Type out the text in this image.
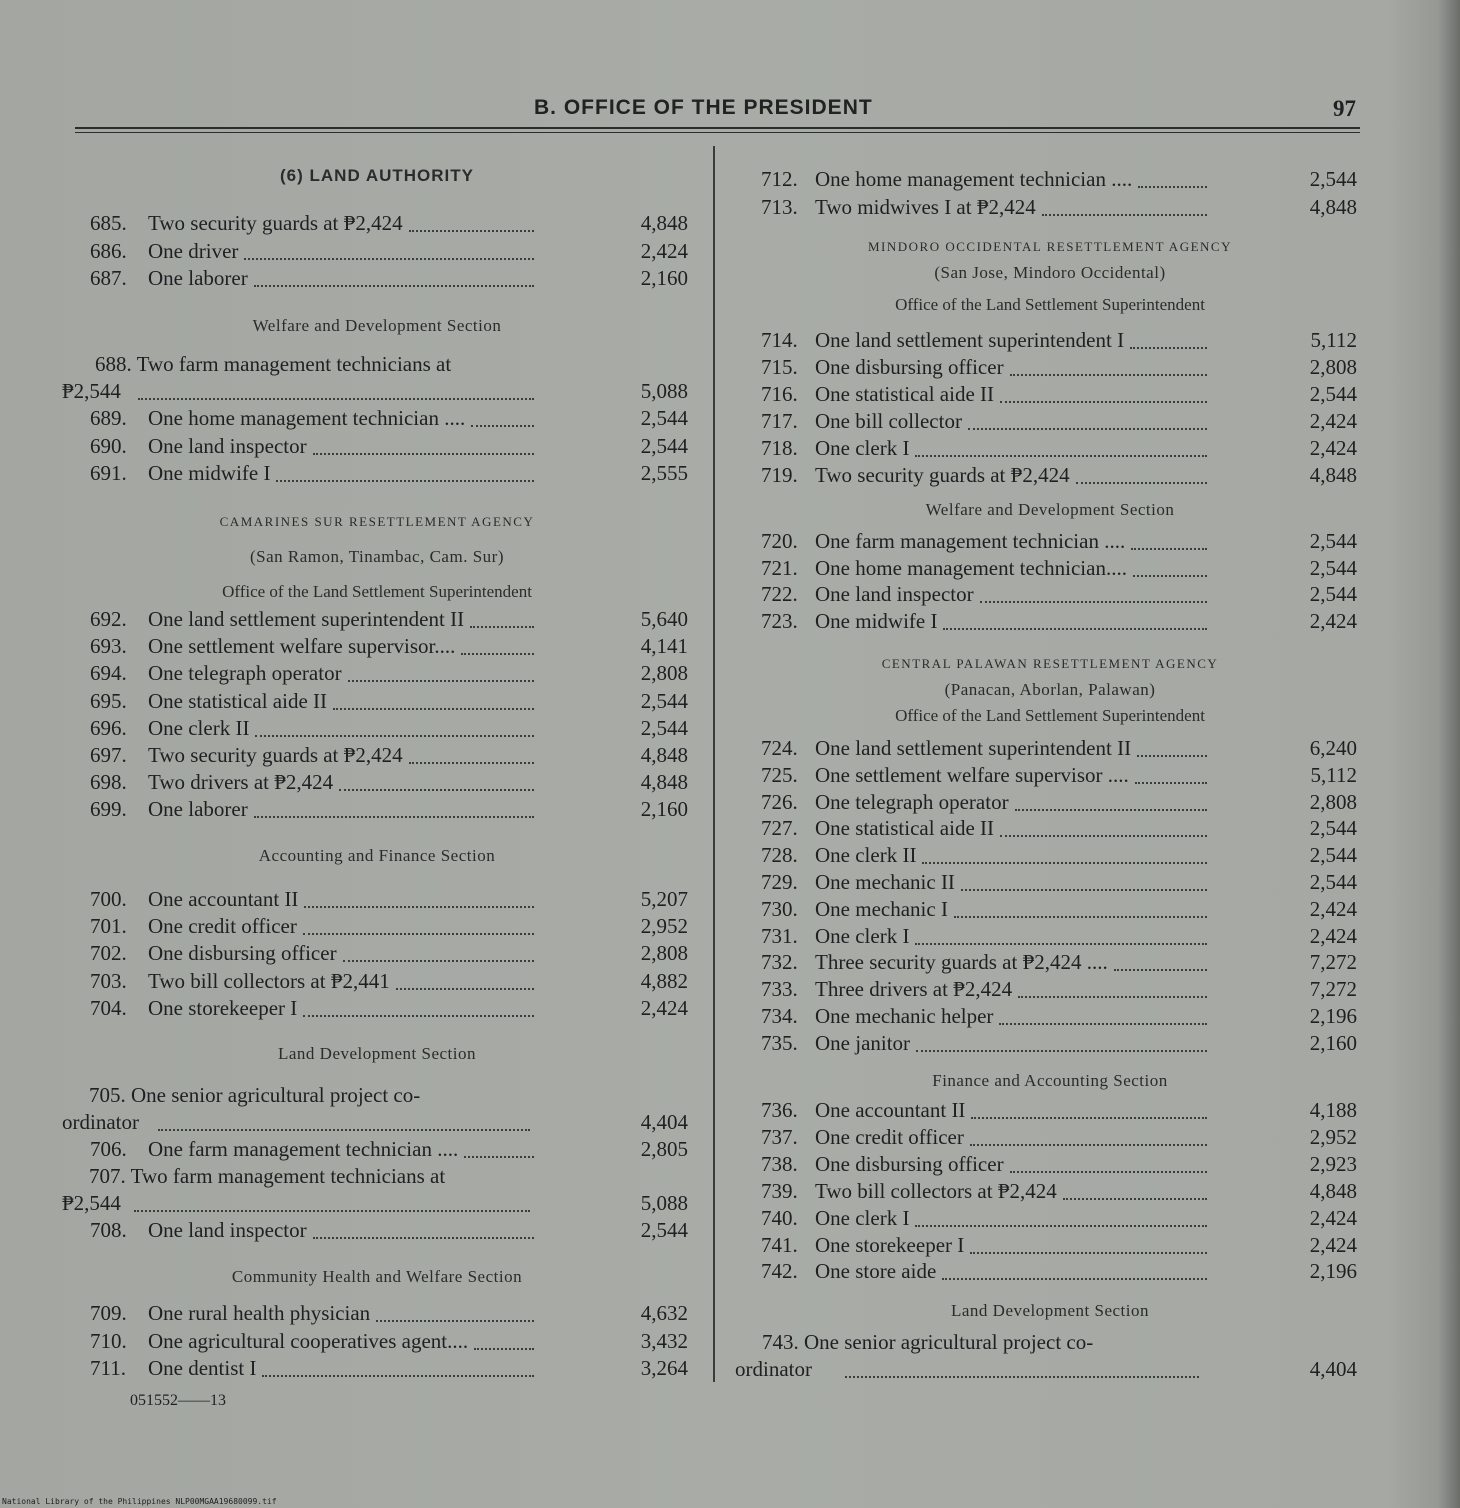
B. OFFICE OF THE PRESIDENT	97
(6) LAND AUTHORITY
Welfare and Development Section
688. Two farm management technicians at
₱2,544	5,088
CAMARINES SUR RESETTLEMENT AGENCY
(San Ramon, Tinambac, Cam. Sur)
Office of the Land Settlement Superintendent
Accounting and Finance Section
Land Development Section
705. One senior agricultural project co-
ordinator	4,404
707. Two farm management technicians at
₱2,544	5,088
Community Health and Welfare Section
685. Two security guards at ₱2,424	4,848
686. One driver	2,424
687. One laborer	2,160
689. One home management technician ....	2,544
690. One land inspector	2,544
691. One midwife I	2,555
692. One land settlement superintendent II	5,640
693. One settlement welfare supervisor....	4,141
694. One telegraph operator	2,808
695. One statistical aide II	2,544
696. One clerk II	2,544
697. Two security guards at ₱2,424	4,848
698. Two drivers at ₱2,424	4,848
699. One laborer	2,160
700. One accountant II	5,207
701. One credit officer	2,952
702. One disbursing officer	2,808
703. Two bill collectors at ₱2,441	4,882
704. One storekeeper I	2,424
709. One rural health physician	4,632
710. One agricultural cooperatives agent....	3,432
711. One dentist I	3,264
706. One farm management technician ....	2,805
708. One land inspector	2,544
MINDORO OCCIDENTAL RESETTLEMENT AGENCY
(San Jose, Mindoro Occidental)
Office of the Land Settlement Superintendent
Welfare and Development Section
CENTRAL PALAWAN RESETTLEMENT AGENCY
(Panacan, Aborlan, Palawan)
Office of the Land Settlement Superintendent
Finance and Accounting Section
Land Development Section
743. One senior agricultural project co-
ordinator	4,404
712. One home management technician ....	2,544
713. Two midwives I at ₱2,424	4,848
714. One land settlement superintendent I	5,112
715. One disbursing officer	2,808
716. One statistical aide II	2,544
717. One bill collector	2,424
718. One clerk I	2,424
719. Two security guards at ₱2,424	4,848
720. One farm management technician ....	2,544
721. One home management technician....	2,544
722. One land inspector	2,544
723. One midwife I	2,424
724. One land settlement superintendent II	6,240
725. One settlement welfare supervisor ....	5,112
726. One telegraph operator	2,808
727. One statistical aide II	2,544
728. One clerk II	2,544
729. One mechanic II	2,544
730. One mechanic I	2,424
731. One clerk I	2,424
732. Three security guards at ₱2,424 ....	7,272
733. Three drivers at ₱2,424	7,272
734. One mechanic helper	2,196
735. One janitor	2,160
736. One accountant II	4,188
737. One credit officer	2,952
738. One disbursing officer	2,923
739. Two bill collectors at ₱2,424	4,848
740. One clerk I	2,424
741. One storekeeper I	2,424
742. One store aide	2,196
051552——13
National Library of the Philippines NLP00MGAA19680099.tif
